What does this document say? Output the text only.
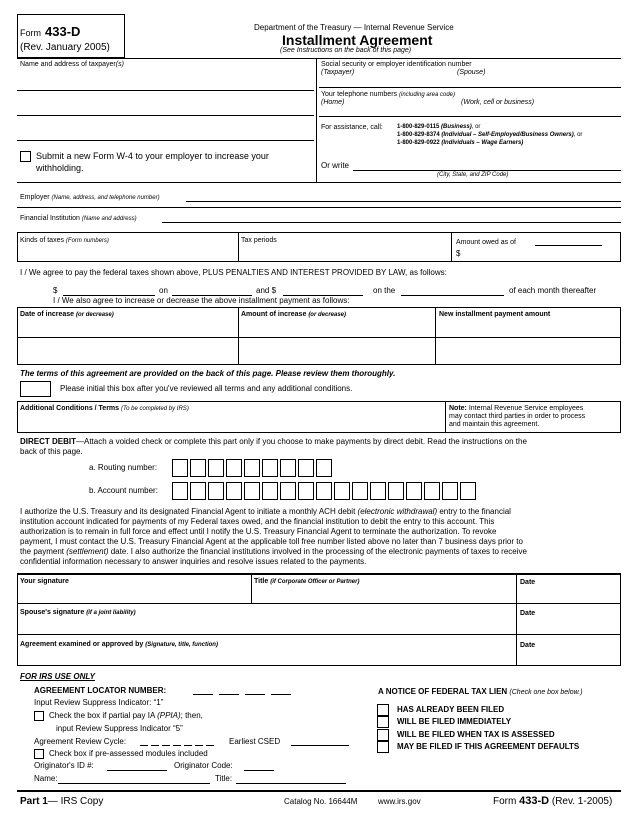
Form 433-D
(Rev. January 2005)
Department of the Treasury — Internal Revenue Service
Installment Agreement
(See Instructions on the back of this page)
Name and address of taxpayer(s)
Submit a new Form W-4 to your employer to increase your
withholding.
Social security or employer identification number
(Taxpayer)	(Spouse)
Your telephone numbers (including area code)
(Home)	(Work, cell or business)
For assistance, call: 1-800-829-0115 (Business), or
1-800-829-8374 (Individual – Self-Employed/Business Owners), or
1-800-829-0922 (Individuals – Wage Earners)
Or write
(City, State, and ZIP Code)
Employer (Name, address, and telephone number)
Financial Institution (Name and address)
Kinds of taxes (Form numbers)	Tax periods	Amount owed as of
$
I / We agree to pay the federal taxes shown above, PLUS PENALTIES AND INTEREST PROVIDED BY LAW, as follows:
$	on	and $	on the	of each month thereafter
I / We also agree to increase or decrease the above installment payment as follows:
Date of increase (or decrease)	Amount of increase (or decrease)	New installment payment amount
The terms of this agreement are provided on the back of this page. Please review them thoroughly.
Please initial this box after you've reviewed all terms and any additional conditions.
Additional Conditions / Terms (To be completed by IRS)	Note: Internal Revenue Service employees
may contact third parties in order to process
and maintain this agreement.
DIRECT DEBIT—Attach a voided check or complete this part only if you choose to make payments by direct debit. Read the instructions on the
back of this page.
a. Routing number:
b. Account number:
I authorize the U.S. Treasury and its designated Financial Agent to initiate a monthly ACH debit (electronic withdrawal) entry to the financial
institution account indicated for payments of my Federal taxes owed, and the financial institution to debit the entry to this account. This
authorization is to remain in full force and effect until I notify the U.S. Treasury Financial Agent to terminate the authorization. To revoke
payment, I must contact the U.S. Treasury Financial Agent at the applicable toll free number listed above no later than 7 business days prior to
the payment (settlement) date. I also authorize the financial institutions involved in the processing of the electronic payments of taxes to receive
confidential information necessary to answer inquiries and resolve issues related to the payments.
Your signature	Title (if Corporate Officer or Partner)	Date
Spouse's signature (if a joint liability)	Date
Agreement examined or approved by (Signature, title, function)	Date
FOR IRS USE ONLY
AGREEMENT LOCATOR NUMBER:
Input Review Suppress Indicator: “1”
Check the box if partial pay IA (PPIA); then,
input Review Suppress Indicator “5”
Agreement Review Cycle:	Earliest CSED
Check box if pre-assessed modules included
Originator's ID #:	Originator Code:
Name:	Title:
A NOTICE OF FEDERAL TAX LIEN (Check one box below.)
HAS ALREADY BEEN FILED
WILL BE FILED IMMEDIATELY
WILL BE FILED WHEN TAX IS ASSESSED
MAY BE FILED IF THIS AGREEMENT DEFAULTS
Part 1— IRS Copy	Catalog No. 16644M	www.irs.gov	Form 433-D (Rev. 1-2005)
